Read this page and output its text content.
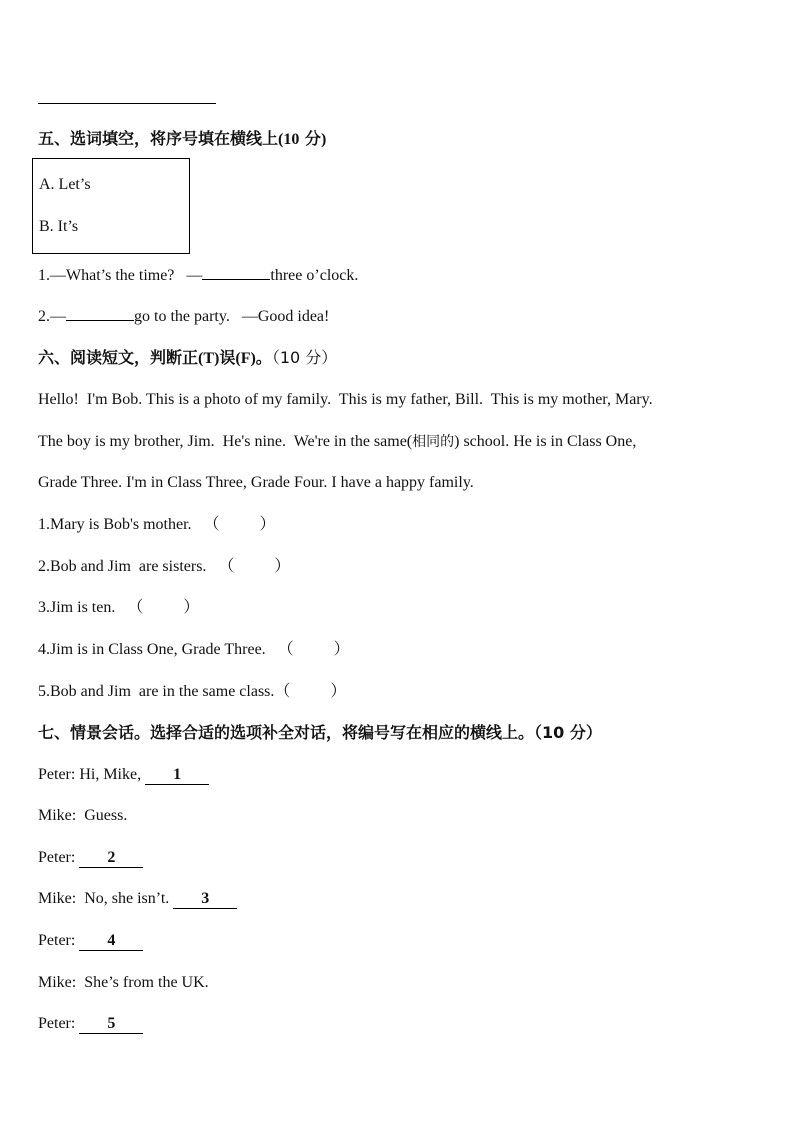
五、选词填空，将序号填在横线上(10 分)
A. Let’s
B. It’s
1.—What’s the time?   —	three o’clock.
2.—	go to the party.   —Good idea!
六、阅读短文，判断正(T)误(F)。（10 分）
Hello!  I'm Bob. This is a photo of my family.  This is my father, Bill.  This is my mother, Mary.
The boy is my brother, Jim.  He's nine.  We're in the same(相同的) school. He is in Class One,
Grade Three. I'm in Class Three, Grade Four. I have a happy family.
1.Mary is Bob's mother.   （          ）
2.Bob and Jim  are sisters.   （          ）
3.Jim is ten.   （          ）
4.Jim is in Class One, Grade Three.   （          ）
5.Bob and Jim  are in the same class.（          ）
七、情景会话。选择合适的选项补全对话，将编号写在相应的横线上。（10 分）
Peter: Hi, Mike, 1
Mike:  Guess.
Peter: 2
Mike:  No, she isn’t. 3
Peter: 4
Mike:  She’s from the UK.
Peter: 5
